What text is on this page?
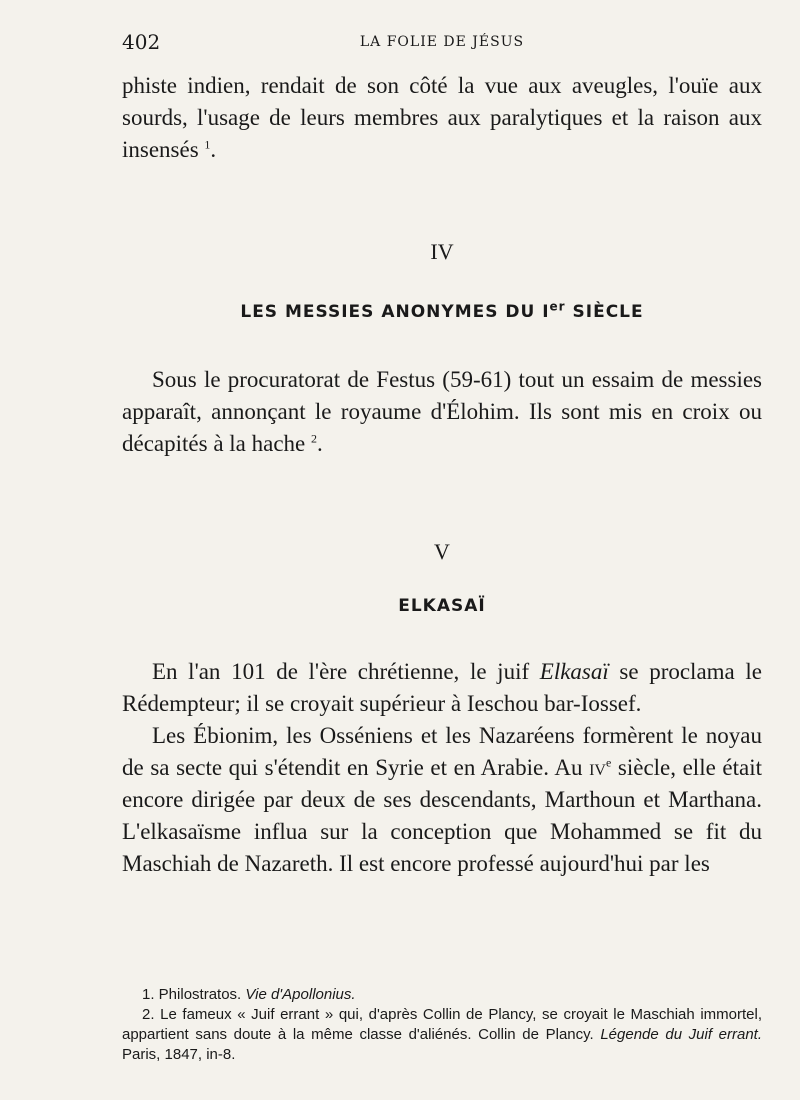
402	LA FOLIE DE JÉSUS

phiste indien, rendait de son côté la vue aux aveugles, l'ouïe aux sourds, l'usage de leurs membres aux paralytiques et la raison aux insensés $^1$.

IV

LES MESSIES ANONYMES DU Ier SIÈCLE

Sous le procuratorat de Festus (59-61) tout un essaim de messies apparaît, annonçant le royaume d'Élohim. Ils sont mis en croix ou décapités à la hache $^2$.

V

ELKASAÏ

En l'an 101 de l'ère chrétienne, le juif Elkasaï se proclama le Rédempteur; il se croyait supérieur à Ieschou bar-Iossef.

Les Ébionim, les Osséniens et les Nazaréens formèrent le noyau de sa secte qui s'étendit en Syrie et en Arabie. Au $iv^e$ siècle, elle était encore dirigée par deux de ses descendants, Marthoun et Marthana. L'elkasaïsme influa sur la conception que Mohammed se fit du Maschiah de Nazareth. Il est encore professé aujourd'hui par les

1. Philostratos. Vie d'Apollonius.

2. Le fameux « Juif errant » qui, d'après Collin de Plancy, se croyait le Maschiah immortel, appartient sans doute à la même classe d'aliénés. Collin de Plancy. Légende du Juif errant. Paris, 1847, in-8.
